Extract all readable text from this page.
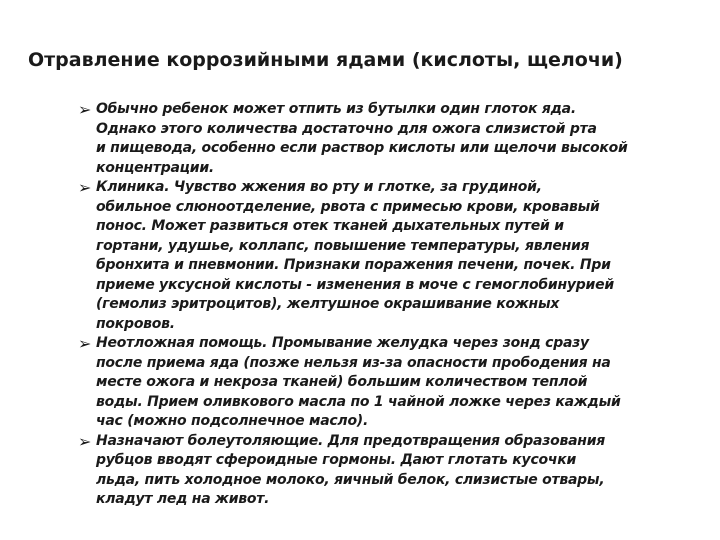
Отравление коррозийными ядами (кислоты, щелочи)
➢ Обычно ребенок может отпить из бутылки один глоток яда.
Однако этого количества достаточно для ожога слизистой рта
и пищевода, особенно если раствор кислоты или щелочи высокой
концентрации.
➢ Клиника. Чувство жжения во рту и глотке, за грудиной,
обильное слюноотделение, рвота с примесью крови, кровавый
понос. Может развиться отек тканей дыхательных путей и
гортани, удушье, коллапс, повышение температуры, явления
бронхита и пневмонии. Признаки поражения печени, почек. При
приеме уксусной кислоты - изменения в моче с гемоглобинурией
(гемолиз эритроцитов), желтушное окрашивание кожных
покровов.
➢ Неотложная помощь. Промывание желудка через зонд сразу
после приема яда (позже нельзя из-за опасности прободения на
месте ожога и некроза тканей) большим количеством теплой
воды. Прием оливкового масла по 1 чайной ложке через каждый
час (можно подсолнечное масло).
➢ Назначают болеутоляющие. Для предотвращения образования
рубцов вводят сфероидные гормоны. Дают глотать кусочки
льда, пить холодное молоко, яичный белок, слизистые отвары,
кладут лед на живот.
